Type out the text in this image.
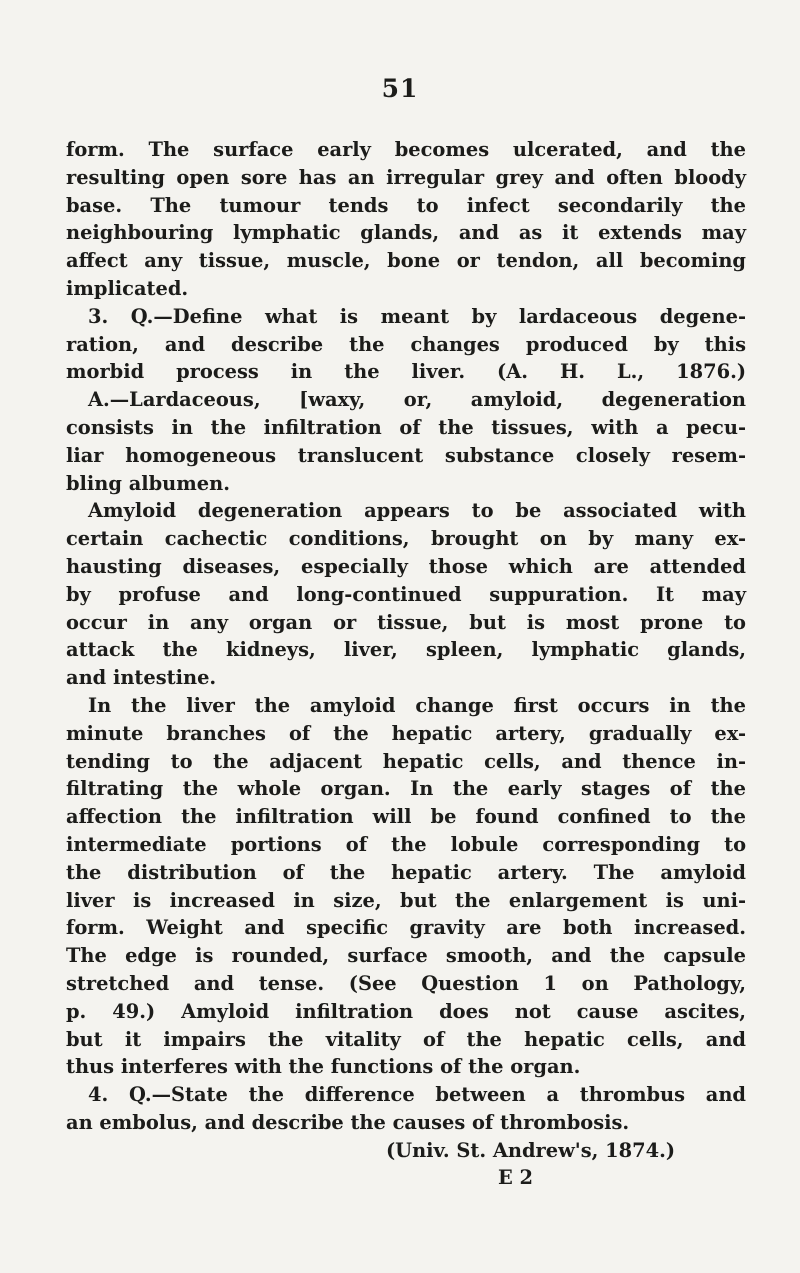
51
form. The surface early becomes ulcerated, and the
resulting open sore has an irregular grey and often bloody
base. The tumour tends to infect secondarily the
neighbouring lymphatic glands, and as it extends may
affect any tissue, muscle, bone or tendon, all becoming
implicated.
3. Q.—Define what is meant by lardaceous degene-
ration, and describe the changes produced by this
morbid process in the liver. (A. H. L., 1876.)
A.—Lardaceous, [waxy, or, amyloid, degeneration
consists in the infiltration of the tissues, with a pecu-
liar homogeneous translucent substance closely resem-
bling albumen.
Amyloid degeneration appears to be associated with
certain cachectic conditions, brought on by many ex-
hausting diseases, especially those which are attended
by profuse and long-continued suppuration. It may
occur in any organ or tissue, but is most prone to
attack the kidneys, liver, spleen, lymphatic glands,
and intestine.
In the liver the amyloid change first occurs in the
minute branches of the hepatic artery, gradually ex-
tending to the adjacent hepatic cells, and thence in-
filtrating the whole organ. In the early stages of the
affection the infiltration will be found confined to the
intermediate portions of the lobule corresponding to
the distribution of the hepatic artery. The amyloid
liver is increased in size, but the enlargement is uni-
form. Weight and specific gravity are both increased.
The edge is rounded, surface smooth, and the capsule
stretched and tense. (See Question 1 on Pathology,
p. 49.) Amyloid infiltration does not cause ascites,
but it impairs the vitality of the hepatic cells, and
thus interferes with the functions of the organ.
4. Q.—State the difference between a thrombus and
an embolus, and describe the causes of thrombosis.
(Univ. St. Andrew's, 1874.)
E 2
